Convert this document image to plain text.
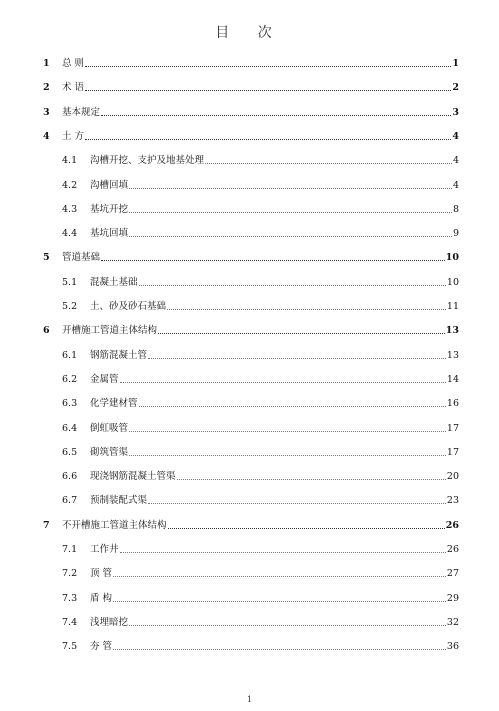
目 次
1	总 则	1
2	术 语	2
3	基本规定	3
4	土 方	4
4.1	沟槽开挖、支护及地基处理	4
4.2	沟槽回填	4
4.3	基坑开挖	8
4.4	基坑回填	9
5	管道基础	10
5.1	混凝土基础	10
5.2	土、砂及砂石基础	11
6	开槽施工管道主体结构	13
6.1	钢筋混凝土管	13
6.2	金属管	14
6.3	化学建材管	16
6.4	倒虹吸管	17
6.5	砌筑管渠	17
6.6	现浇钢筋混凝土管渠	20
6.7	预制装配式渠	23
7	不开槽施工管道主体结构	26
7.1	工作井	26
7.2	顶 管	27
7.3	盾 构	29
7.4	浅埋暗挖	32
7.5	夯 管	36
1
